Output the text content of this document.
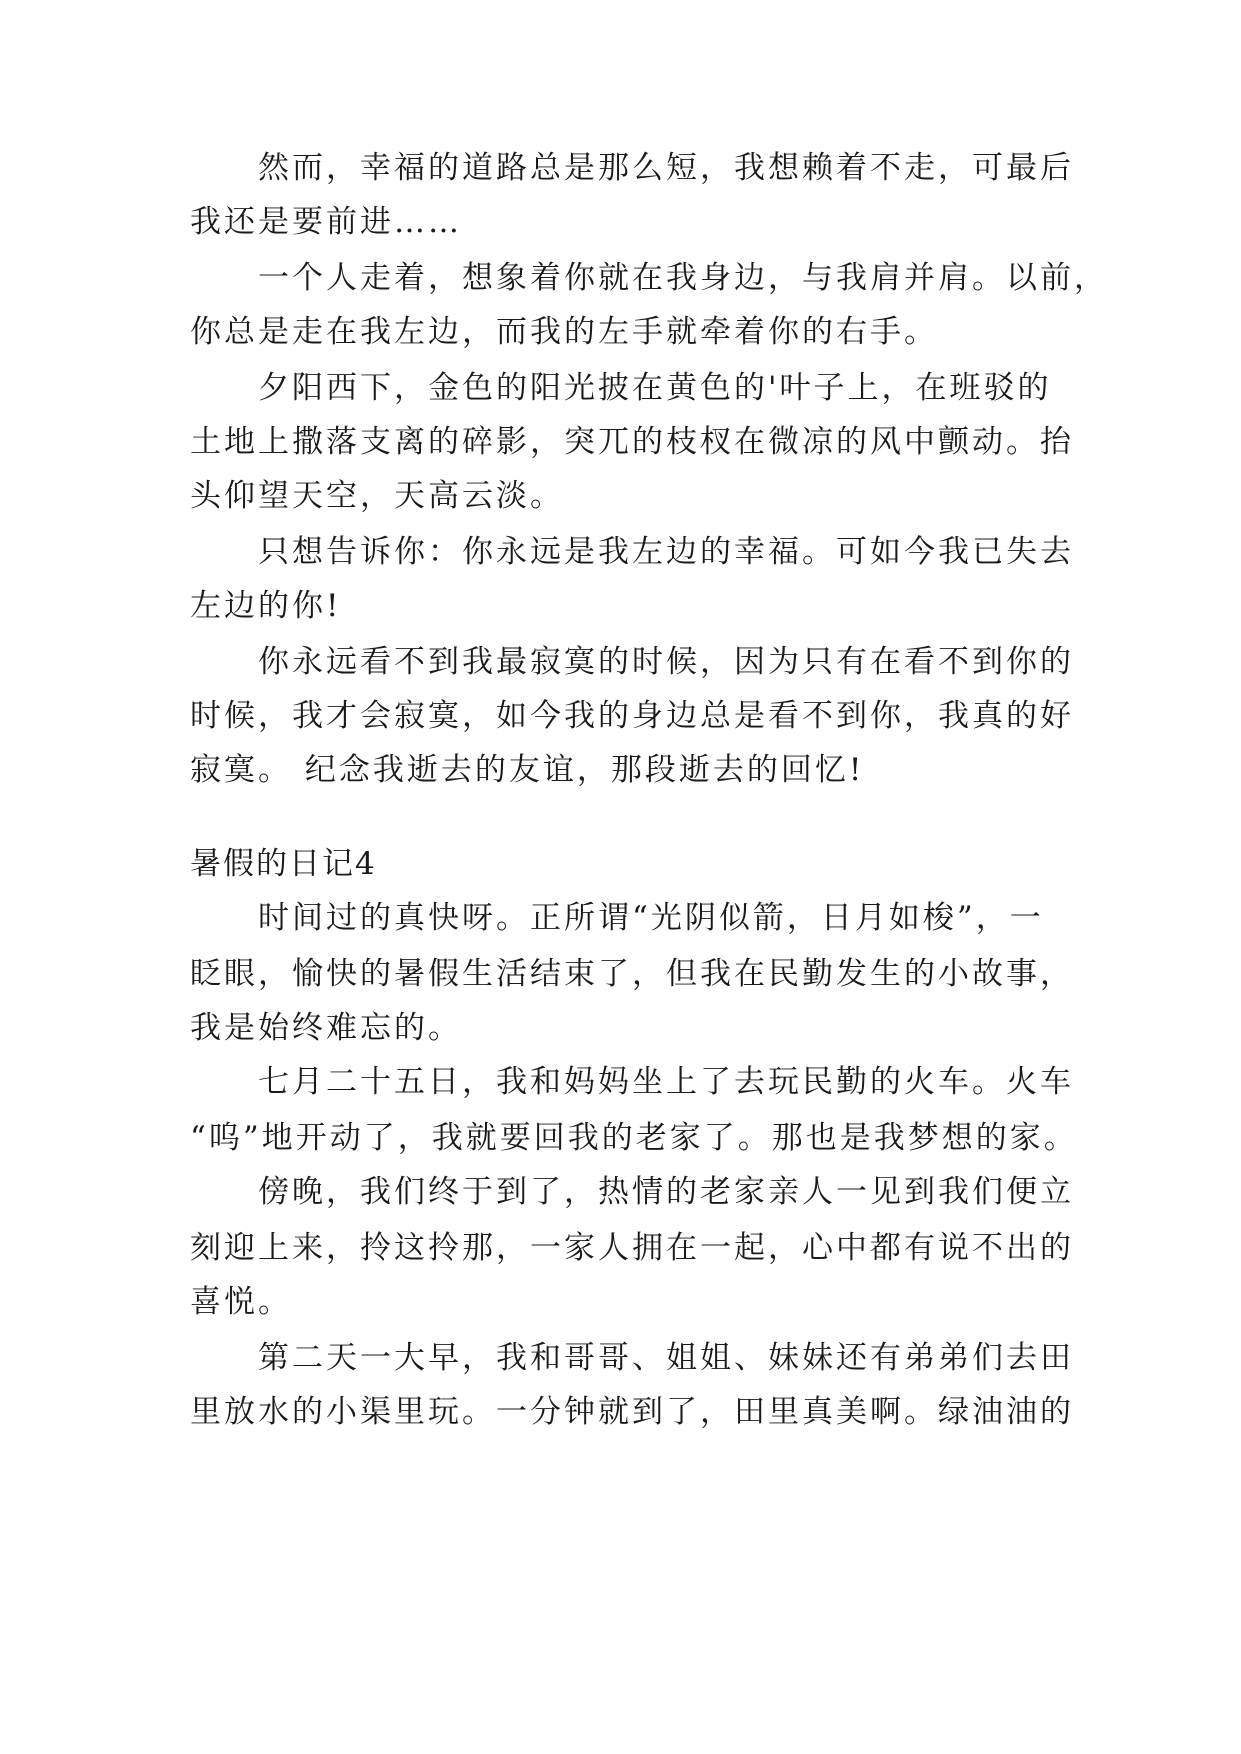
然而，幸福的道路总是那么短，我想赖着不走，可最后
我还是要前进……
一个人走着，想象着你就在我身边，与我肩并肩。以前，
你总是走在我左边，而我的左手就牵着你的右手。
夕阳西下，金色的阳光披在黄色的'叶子上，在班驳的
土地上撒落支离的碎影，突兀的枝杈在微凉的风中颤动。抬
头仰望天空，天高云淡。
只想告诉你：你永远是我左边的幸福。可如今我已失去
左边的你!
你永远看不到我最寂寞的时候，因为只有在看不到你的
时候，我才会寂寞，如今我的身边总是看不到你，我真的好
寂寞。 纪念我逝去的友谊，那段逝去的回忆!
暑假的日记4
时间过的真快呀。正所谓“光阴似箭，日月如梭”，一
眨眼，愉快的暑假生活结束了，但我在民勤发生的小故事，
我是始终难忘的。
七月二十五日，我和妈妈坐上了去玩民勤的火车。火车
“呜”地开动了，我就要回我的老家了。那也是我梦想的家。
傍晚，我们终于到了，热情的老家亲人一见到我们便立
刻迎上来，拎这拎那，一家人拥在一起，心中都有说不出的
喜悦。
第二天一大早，我和哥哥、姐姐、妹妹还有弟弟们去田
里放水的小渠里玩。一分钟就到了，田里真美啊。绿油油的
